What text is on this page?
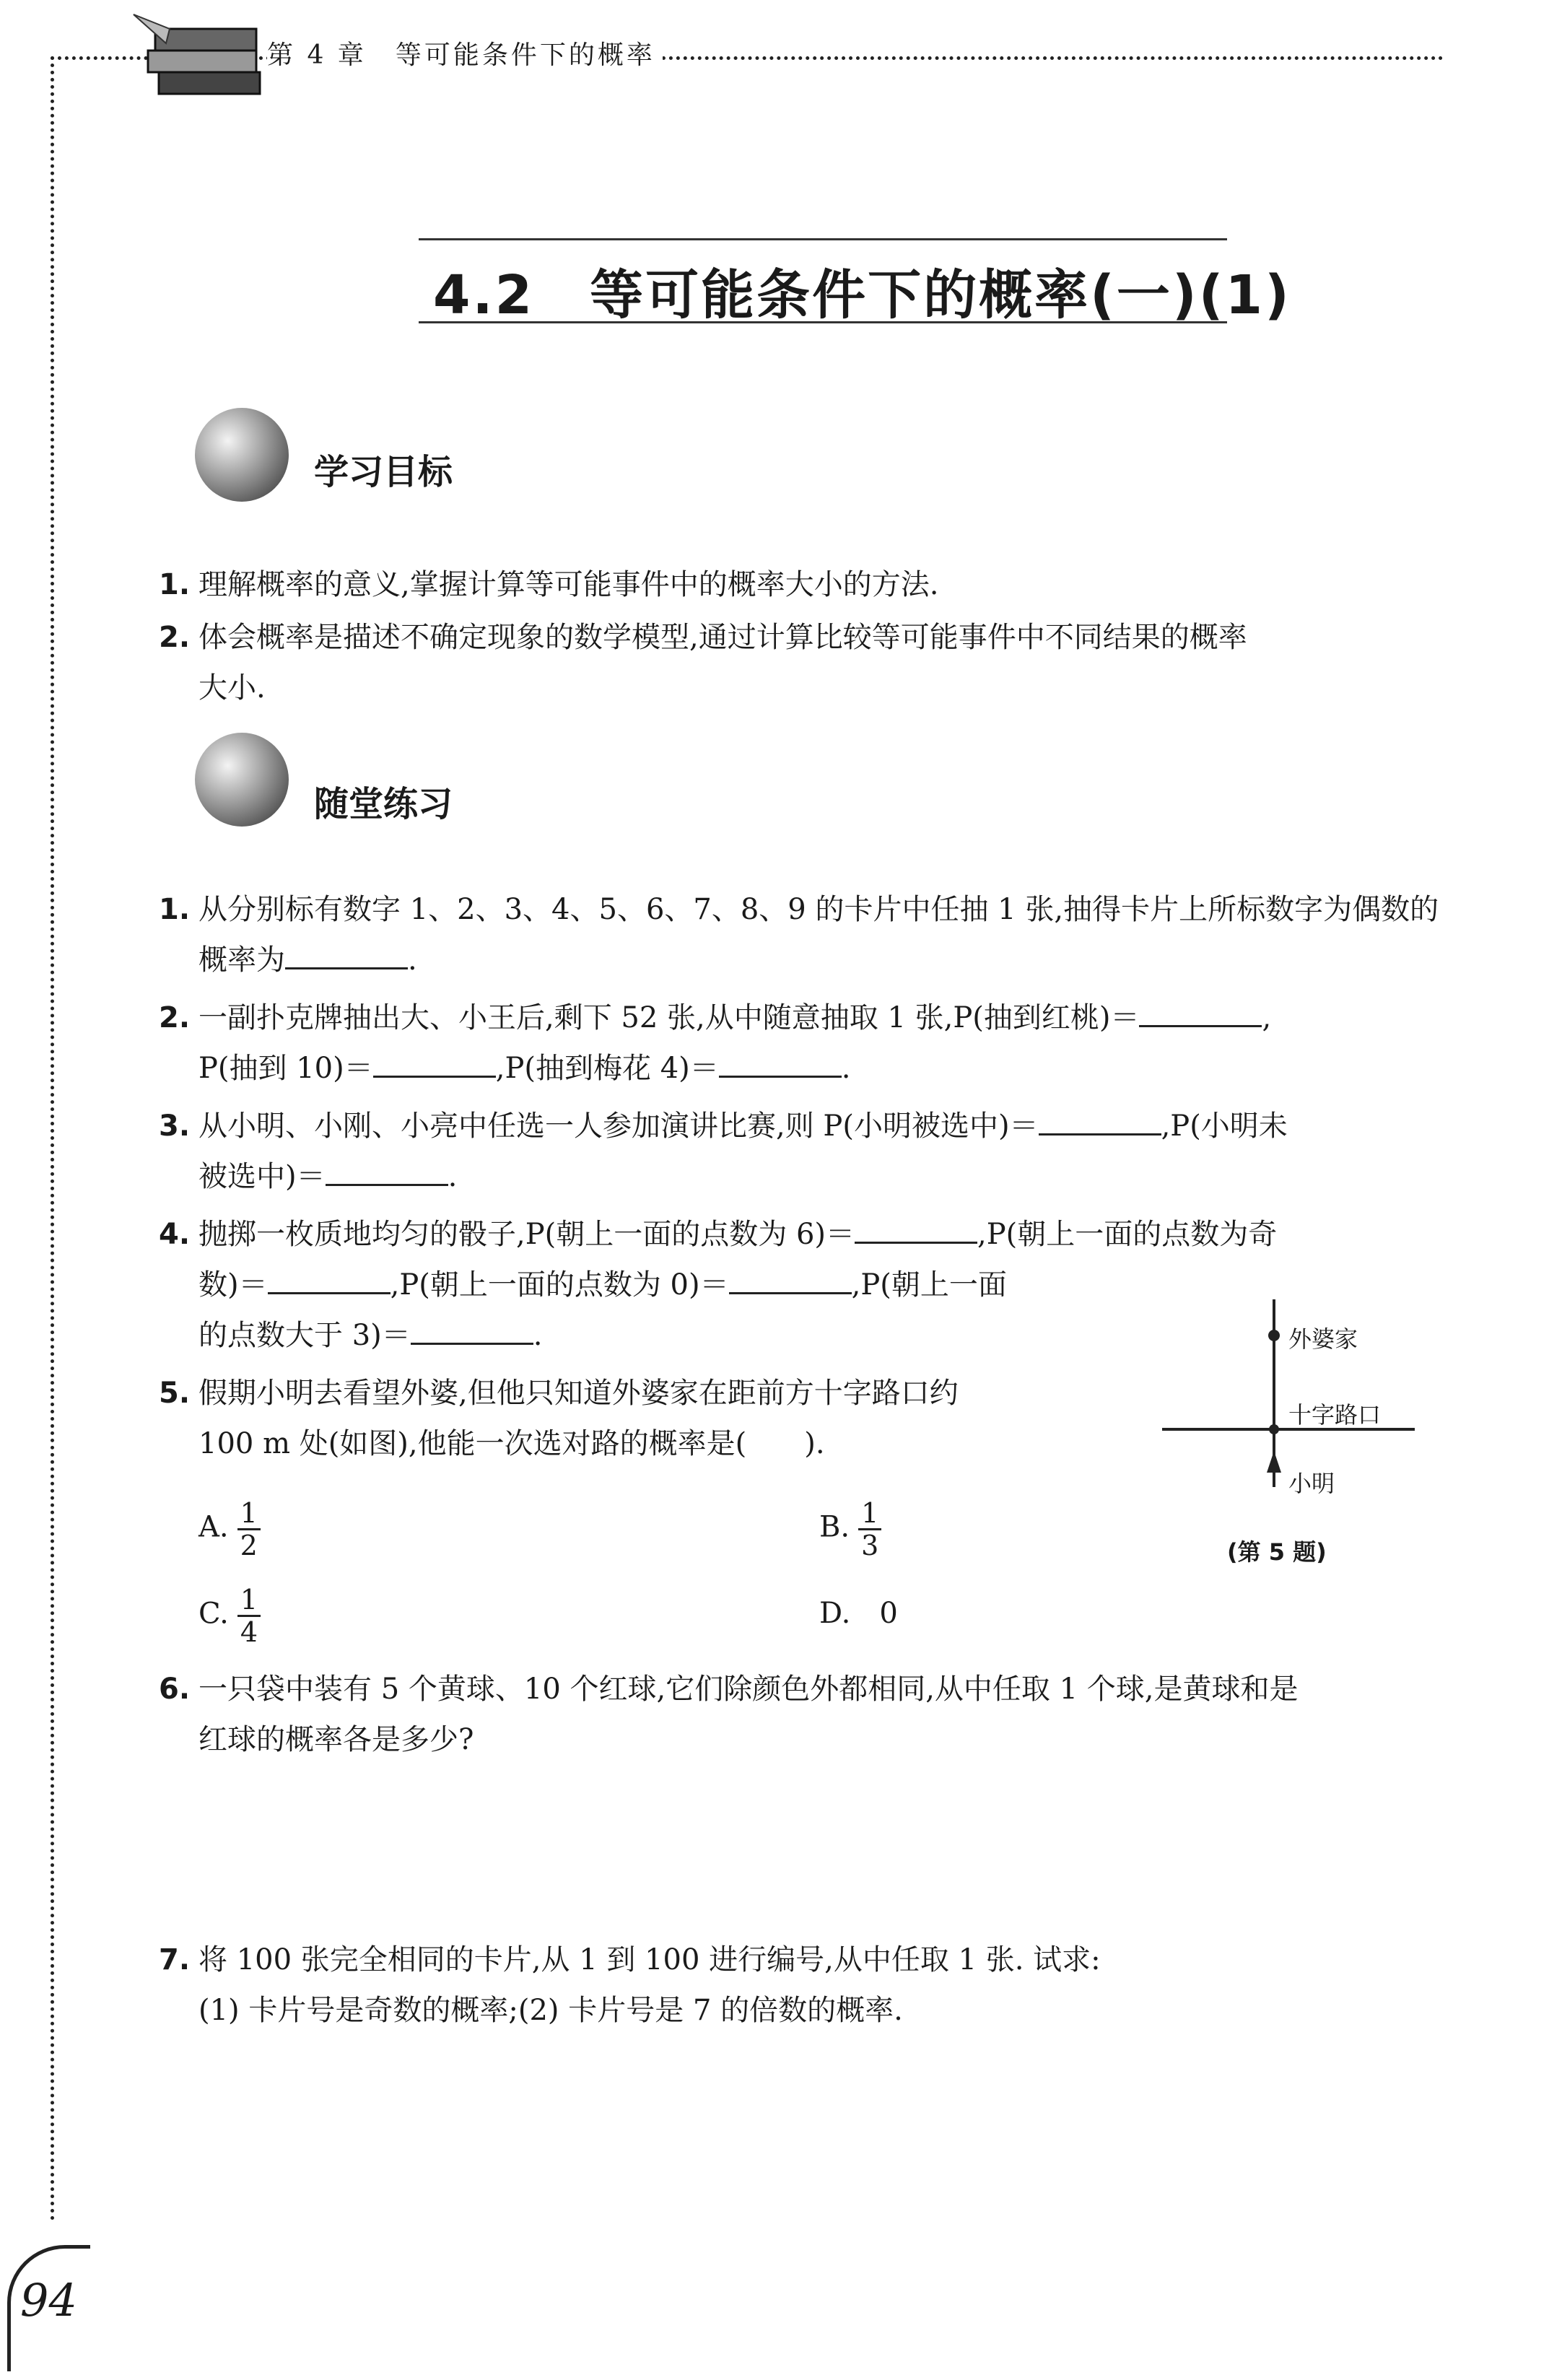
第 4 章　 等可能条件下的概率
4.2　等可能条件下的概率(一)(1)
学习目标
1. 理解概率的意义,掌握计算等可能事件中的概率大小的方法.
2. 体会概率是描述不确定现象的数学模型,通过计算比较等可能事件中不同结果的概率
大小.
随堂练习
1. 从分别标有数字 1、2、3、4、5、6、7、8、9 的卡片中任抽 1 张,抽得卡片上所标数字为偶数的
概率为	.
2. 一副扑克牌抽出大、小王后,剩下 52 张,从中随意抽取 1 张,P(抽到红桃)＝	,
P(抽到 10)＝	,P(抽到梅花 4)＝	.
3. 从小明、小刚、小亮中任选一人参加演讲比赛,则 P(小明被选中)＝	,P(小明未
被选中)＝	.
4. 抛掷一枚质地均匀的骰子,P(朝上一面的点数为 6)＝	,P(朝上一面的点数为奇
数)＝	,P(朝上一面的点数为 0)＝	,P(朝上一面
的点数大于 3)＝	.
5. 假期小明去看望外婆,但他只知道外婆家在距前方十字路口约
100 m 处(如图),他能一次选对路的概率是(　　).
A. $\frac{1}{2}$	B. $\frac{1}{3}$
C. $\frac{1}{4}$	D.　 0
外婆家
十字路口
小明
(第 5 题)
6. 一只袋中装有 5 个黄球、10 个红球,它们除颜色外都相同,从中任取 1 个球,是黄球和是
红球的概率各是多少?
7. 将 100 张完全相同的卡片,从 1 到 100 进行编号,从中任取 1 张. 试求:
(1) 卡片号是奇数的概率;(2) 卡片号是 7 的倍数的概率.
94
